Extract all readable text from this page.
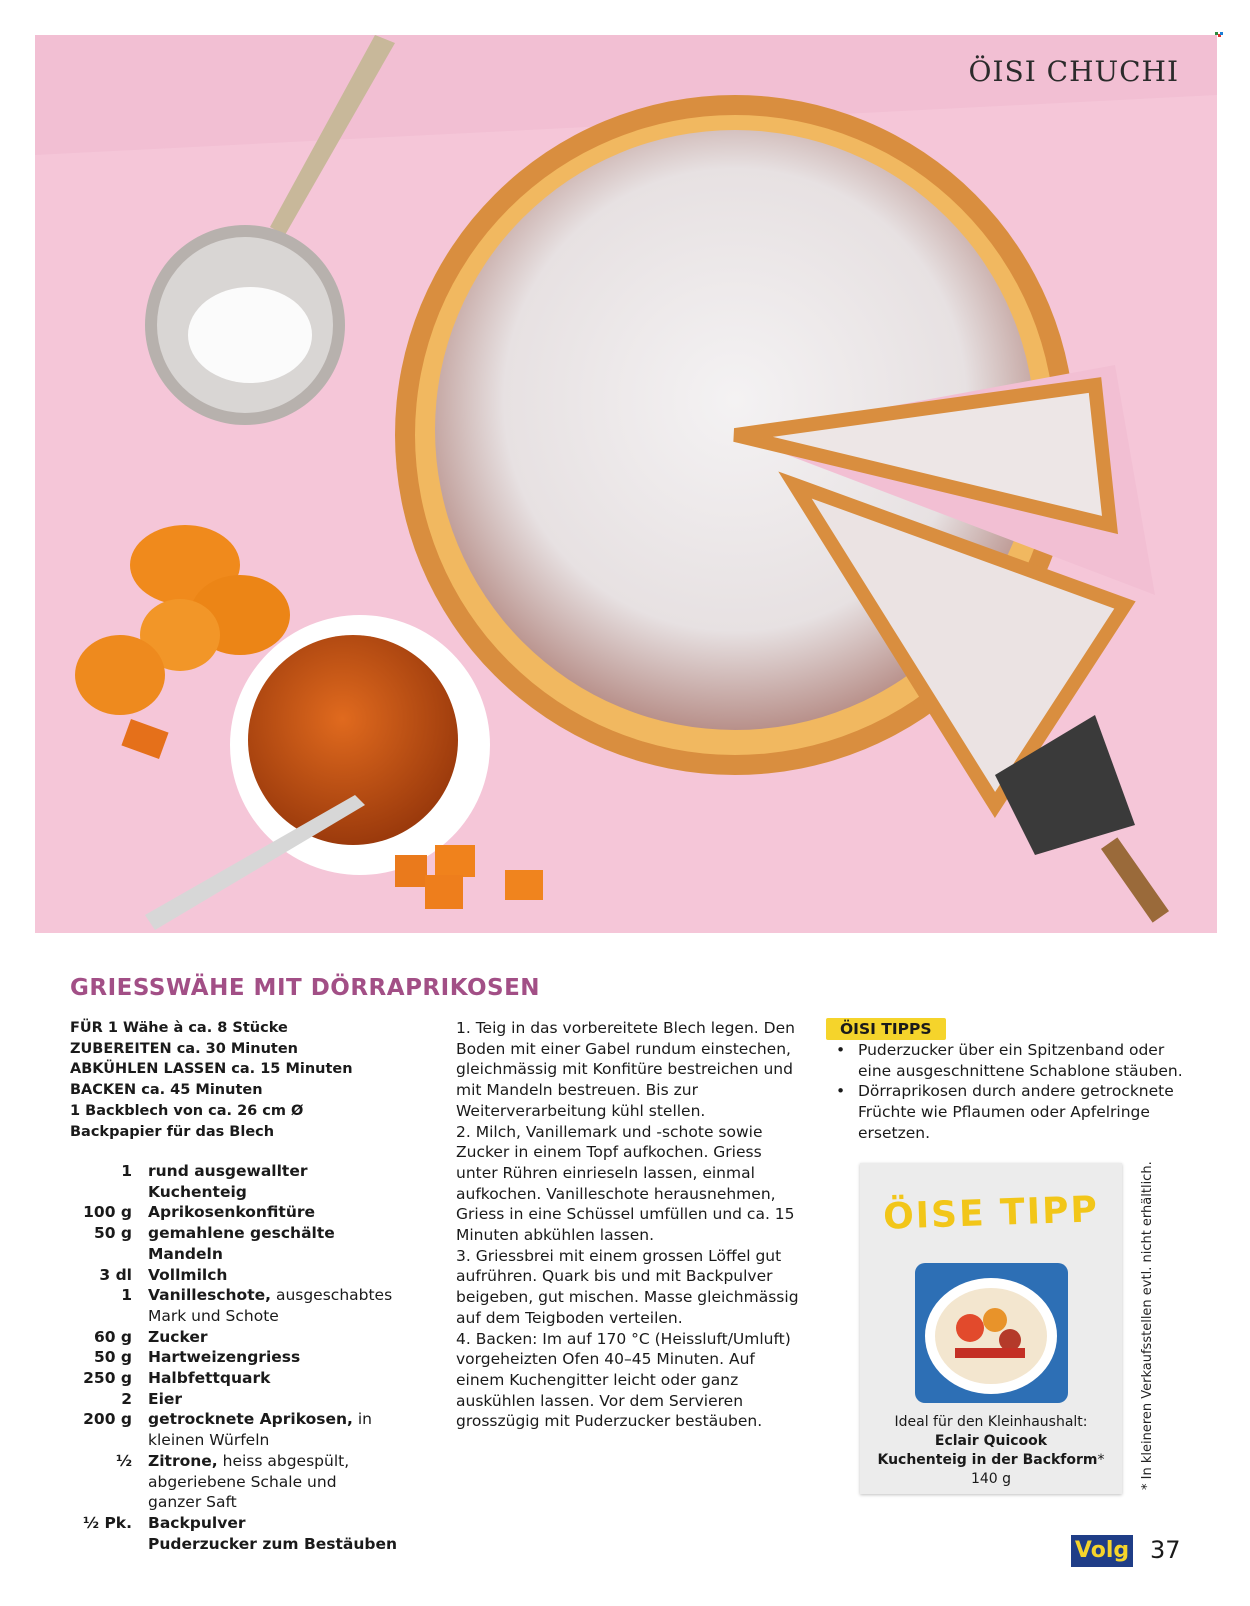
ÖISI CHUCHI
GRIESSWÄHE MIT DÖRRAPRIKOSEN
FÜR 1 Wähe à ca. 8 Stücke
ZUBEREITEN ca. 30 Minuten
ABKÜHLEN LASSEN ca. 15 Minuten
BACKEN ca. 45 Minuten
1 Backblech von ca. 26 cm Ø
Backpapier für das Blech
1	rund ausgewallter Kuchenteig
100 g	Aprikosenkonfitüre
50 g	gemahlene geschälte Mandeln
3 dl	Vollmilch
1	Vanilleschote, ausgeschabtes Mark und Schote
60 g	Zucker
50 g	Hartweizengriess
250 g	Halbfettquark
2	Eier
200 g	getrocknete Aprikosen, in kleinen Würfeln
½	Zitrone, heiss abgespült, abgeriebene Schale und ganzer Saft
½ Pk.	Backpulver
Puderzucker zum Bestäuben

1. Teig in das vorbereitete Blech legen. Den Boden mit einer Gabel rundum einstechen, gleichmässig mit Konfitüre bestreichen und mit Mandeln bestreuen. Bis zur Weiterverarbeitung kühl stellen.

2. Milch, Vanillemark und -schote sowie Zucker in einem Topf aufkochen. Griess unter Rühren einrieseln lassen, einmal aufkochen. Vanilleschote herausnehmen, Griess in eine Schüssel umfüllen und ca. 15 Minuten abkühlen lassen.

3. Griessbrei mit einem grossen Löffel gut aufrühren. Quark bis und mit Backpulver beigeben, gut mischen. Masse gleichmässig auf dem Teigboden verteilen.

4. Backen: Im auf 170 °C (Heissluft/Umluft) vorgeheizten Ofen 40–45 Minuten. Auf einem Kuchengitter leicht oder ganz auskühlen lassen. Vor dem Servieren grosszügig mit Puderzucker bestäuben.

ÖISI TIPPS
• Puderzucker über ein Spitzenband oder eine ausgeschnittene Schablone stäuben.
• Dörraprikosen durch andere getrocknete Früchte wie Pflaumen oder Apfelringe ersetzen.
ÖISE TIPP
Ideal für den Kleinhaushalt:
Eclair Quicook
Kuchenteig in der Backform*
140 g	* In kleineren Verkaufsstellen evtl. nicht erhältlich.
Volg 37
